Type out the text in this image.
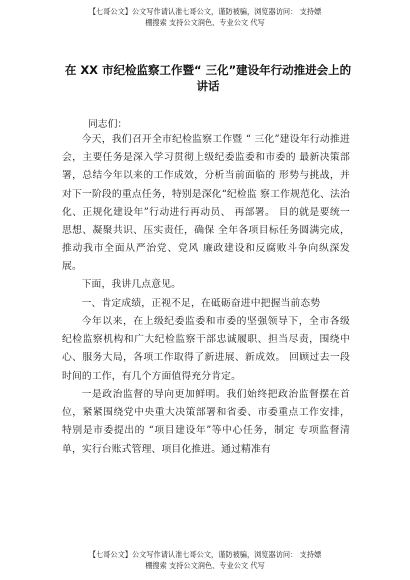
【七哥公文】公文写作请认准七哥公文，谨防被骗，浏览器访问： 支持嫖
棚搜索 支持公文润色、专业公文 代写
在 XX 市纪检监察工作暨“ 三化”建设年行动推进会上的讲话

同志们：

今天，我们召开全市纪检监察工作暨 “ 三化”建设年行动推进会，主要任务是深入学习贯彻上级纪委监委和市委的 最新决策部署，总结今年以来的工作成效，分析当前面临的 形势与挑战，并对下一阶段的重点任务，特别是深化“纪检监 察工作规范化、法治化、正规化建设年”行动进行再动员、 再部署。 目的就是要统一思想、凝聚共识、压实责任，确保 全年各项目标任务圆满完成，推动我市全面从严治党、党风 廉政建设和反腐败斗争向纵深发展。

下面，我讲几点意见。

一、肯定成绩，正视不足，在砥砺奋进中把握当前态势

今年以来，在上级纪委监委和市委的坚强领导下，全市各级纪检监察机构和广大纪检监察干部忠诚履职、担当尽责，围绕中心、服务大局，各项工作取得了新进展、新成效。 回顾过去一段时间的工作，有几个方面值得充分肯定。

一是政治监督的导向更加鲜明。我们始终把政治监督摆在首位，紧紧围绕党中央重大决策部署和省委、市委重点工作安排，特别是市委提出的 “项目建设年”等中心任务，制定 专项监督清单，实行台账式管理、项目化推进。通过精准有

【七哥公文】公文写作请认准七哥公文，谨防被骗，浏览器访问： 支持嫖
棚搜索 支持公文润色、专业公文 代写
